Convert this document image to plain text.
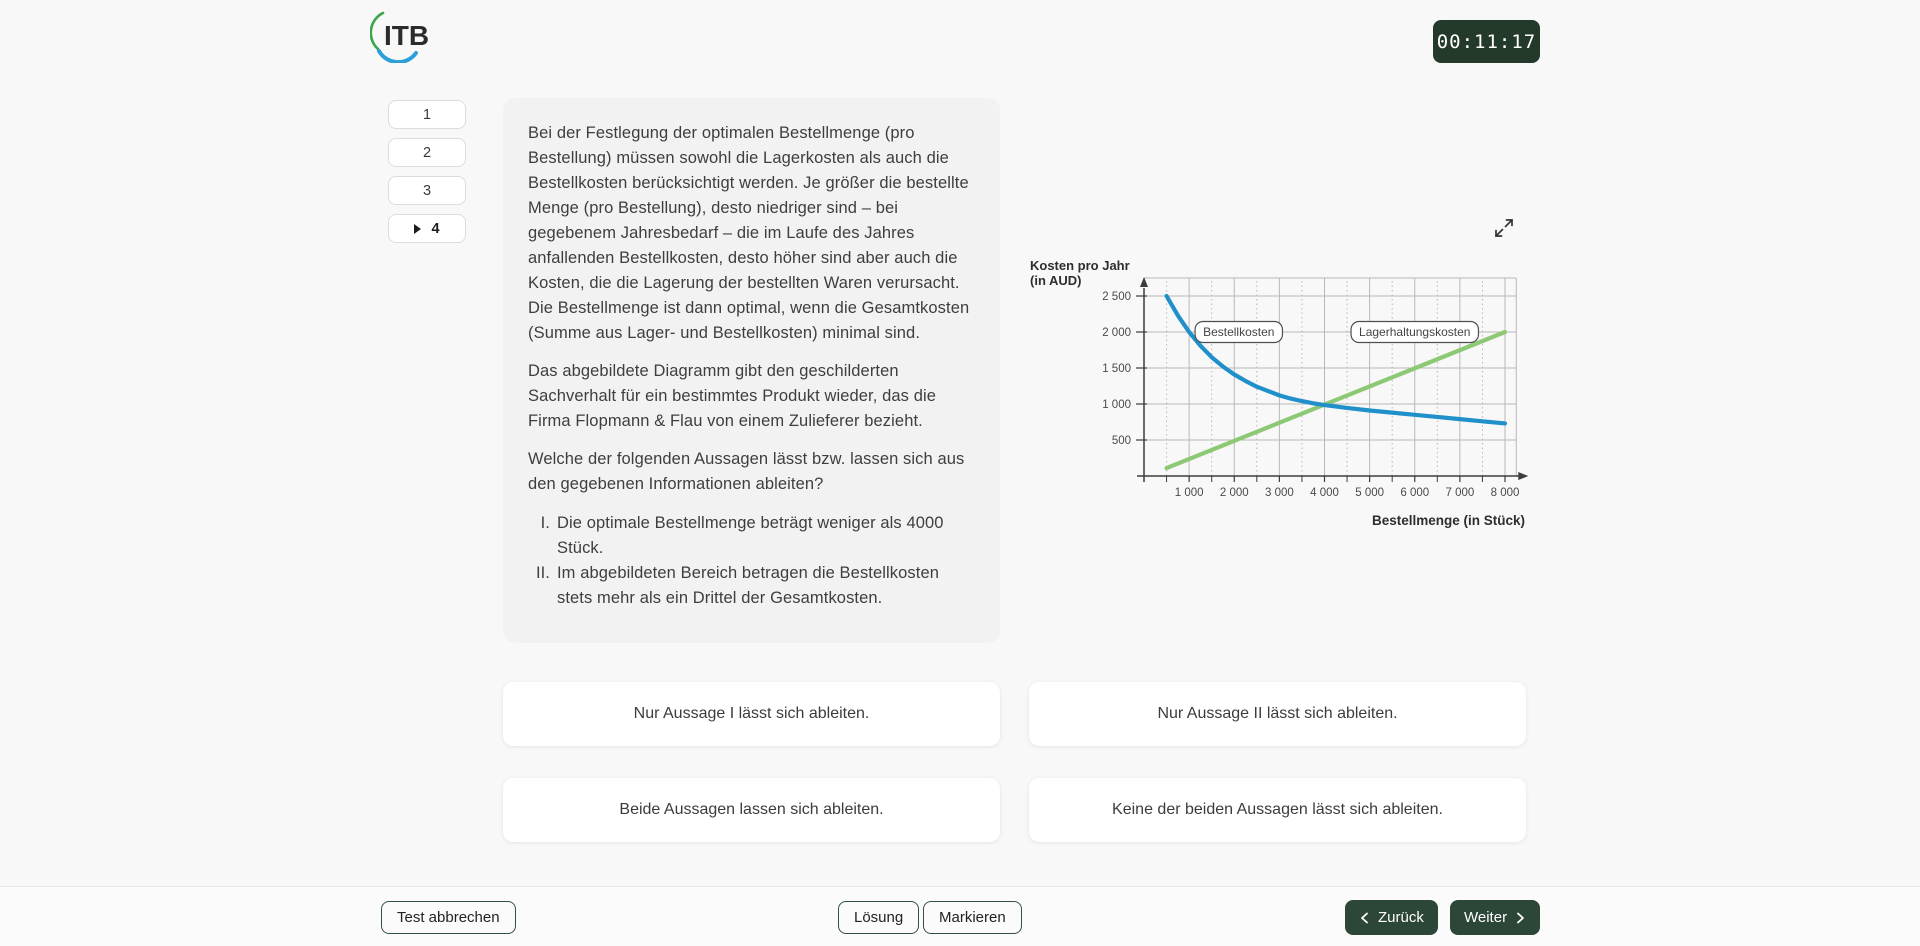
ITB	00:11:17
1
2
3
4

Bei der Festlegung der optimalen Bestellmenge (pro Bestellung) müssen sowohl die Lagerkosten als auch die Bestellkosten berücksichtigt werden. Je größer die bestellte Menge (pro Bestellung), desto niedriger sind – bei gegebenem Jahresbedarf – die im Laufe des Jahres anfallenden Bestellkosten, desto höher sind aber auch die Kosten, die die Lagerung der bestellten Waren verursacht. Die Bestellmenge ist dann optimal, wenn die Gesamtkosten (Summe aus Lager- und Bestellkosten) minimal sind.

Das abgebildete Diagramm gibt den geschilderten Sachverhalt für ein bestimmtes Produkt wieder, das die Firma Flopmann & Flau von einem Zulieferer bezieht.

Welche der folgenden Aussagen lässt bzw. lassen sich aus den gegebenen Informationen ableiten?

I. Die optimale Bestellmenge beträgt weniger als 4000 Stück.
II. Im abgebildeten Bereich betragen die Bestellkosten stets mehr als ein Drittel der Gesamtkosten.
Kosten pro Jahr
(in AUD)
1 000 2 000 3 000 4 000 5 000 6 000 7 000 8 000
500
1 000
1 500
2 000
2 500
Bestellkosten	Lagerhaltungskosten
Bestellmenge (in Stück)
Nur Aussage I lässt sich ableiten.	Nur Aussage II lässt sich ableiten.
Beide Aussagen lassen sich ableiten.	Keine der beiden Aussagen lässt sich ableiten.
Test abbrechen	Lösung Markieren	Zurück	Weiter
